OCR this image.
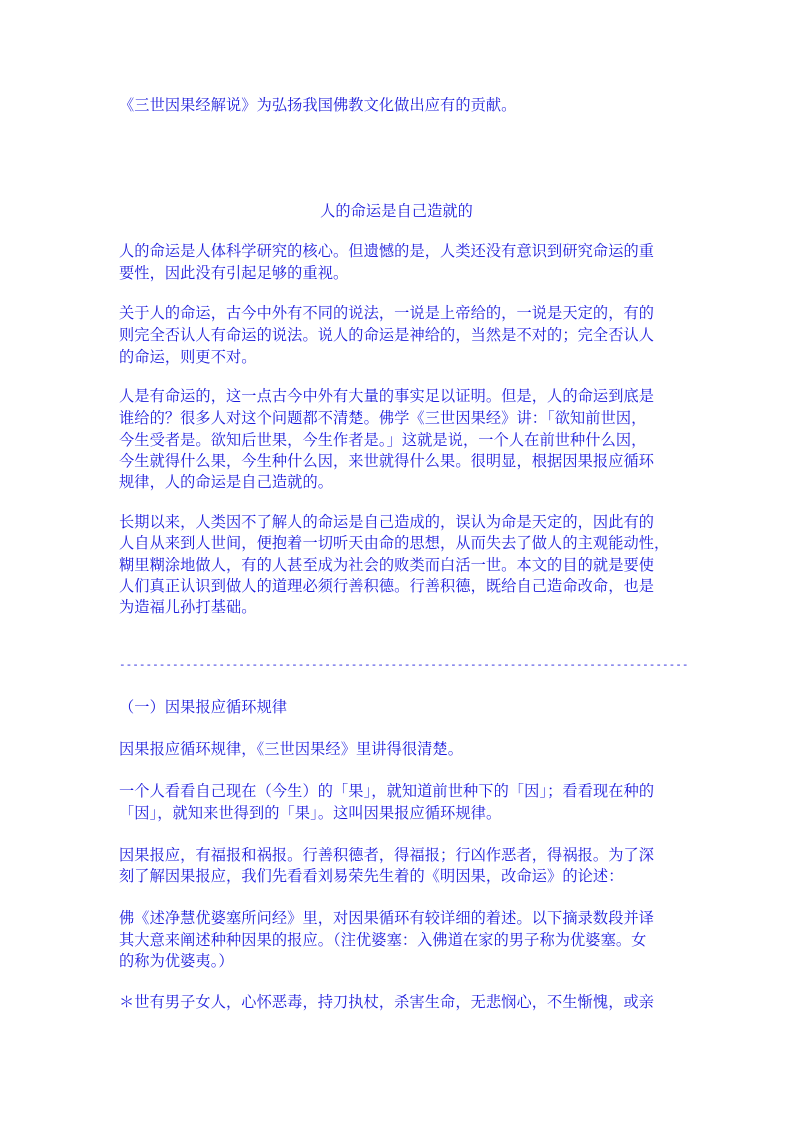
《三世因果经解说》为弘扬我国佛教文化做出应有的贡献。
人的命运是自己造就的
人的命运是人体科学研究的核心。但遗憾的是，人类还没有意识到研究命运的重
要性，因此没有引起足够的重视。
关于人的命运，古今中外有不同的说法，一说是上帝给的，一说是天定的，有的
则完全否认人有命运的说法。说人的命运是神给的，当然是不对的；完全否认人
的命运，则更不对。
人是有命运的，这一点古今中外有大量的事实足以证明。但是，人的命运到底是
谁给的？很多人对这个问题都不清楚。佛学《三世因果经》讲：「欲知前世因，
今生受者是。欲知后世果，今生作者是。」这就是说，一个人在前世种什么因，
今生就得什么果，今生种什么因，来世就得什么果。很明显，根据因果报应循环
规律，人的命运是自己造就的。
长期以来，人类因不了解人的命运是自己造成的，误认为命是天定的，因此有的
人自从来到人世间，便抱着一切听天由命的思想，从而失去了做人的主观能动性，
糊里糊涂地做人，有的人甚至成为社会的败类而白活一世。本文的目的就是要使
人们真正认识到做人的道理必须行善积德。行善积德，既给自己造命改命，也是
为造福儿孙打基础。
--------------------------------------------------------------------------------------
（一）因果报应循环规律
因果报应循环规律，《三世因果经》里讲得很清楚。
一个人看看自己现在（今生）的「果」，就知道前世种下的「因」；看看现在种的
「因」，就知来世得到的「果」。这叫因果报应循环规律。
因果报应，有福报和祸报。行善积德者，得福报；行凶作恶者，得祸报。为了深
刻了解因果报应，我们先看看刘易荣先生着的《明因果，改命运》的论述：
佛《述净慧优婆塞所问经》里，对因果循环有较详细的着述。以下摘录数段并译
其大意来阐述种种因果的报应。（注优婆塞：入佛道在家的男子称为优婆塞。女
的称为优婆夷。）
＊世有男子女人，心怀恶毒，持刀执杖，杀害生命，无悲悯心，不生惭愧，或亲
